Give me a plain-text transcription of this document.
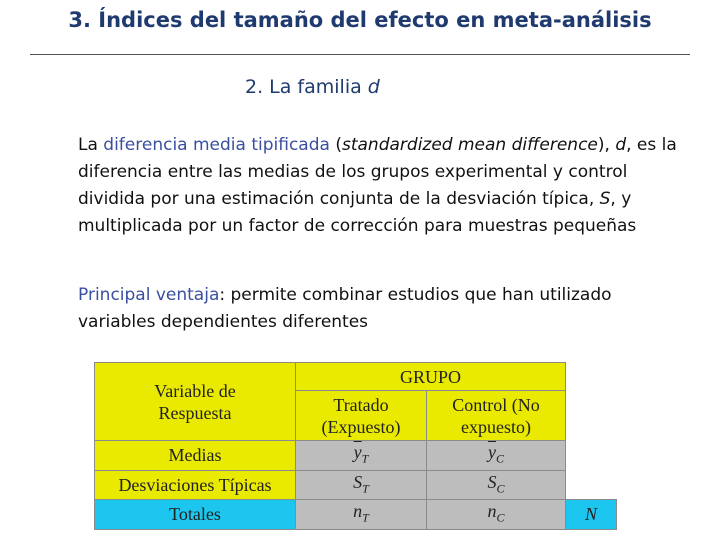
3. Índices del tamaño del efecto en meta-análisis
2. La familia d
La diferencia media tipificada (standardized mean difference), d, es la diferencia entre las medias de los grupos experimental y control dividida por una estimación conjunta de la desviación típica, S, y multiplicada por un factor de corrección para muestras pequeñas
Principal ventaja: permite combinar estudios que han utilizado variables dependientes diferentes
Variable de Respuesta	GRUPO		
	Tratado (Expuesto)	Control (No expuesto)	
Medias	$\overline{y}_T$	$\overline{y}_C$
Desviaciones Típicas	$S_T$	$S_C$
Totales	$n_T$	$n_C$	N
